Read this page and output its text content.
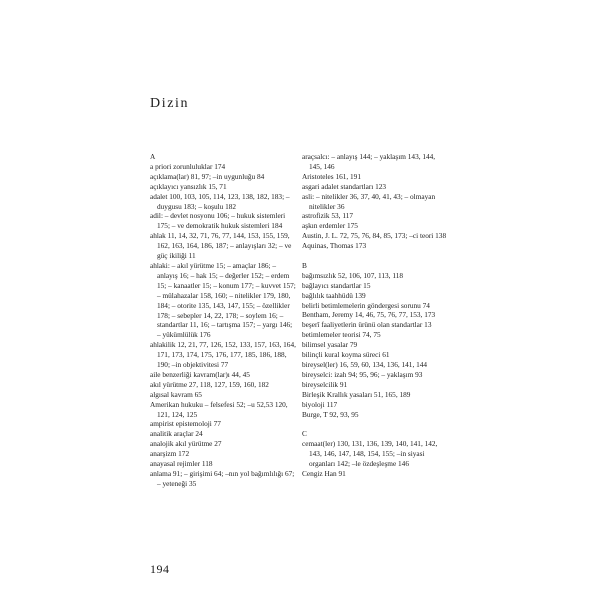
Dizin
A
a priori zorunluluklar 174
açıklama(lar) 81, 97; –in uygunluğu 84
açıklayıcı yansızlık 15, 71
adalet 100, 103, 105, 114, 123, 138, 182, 183; – duygusu 183; – koşulu 182
adil: – devlet nosyonu 106; – hukuk sistemleri 175; – ve demokratik hukuk sistemleri 184
ahlak 11, 14, 32, 71, 76, 77, 144, 153, 155, 159, 162, 163, 164, 186, 187; – anlayışları 32; – ve güç ikiliği 11
ahlaki: – akıl yürütme 15; – amaçlar 186; – anlayış 16; – hak 15; – değerler 152; – erdem 15; – kanaatler 15; – konum 177; – kuvvet 157; – mülahazalar 158, 160; – nitelikler 179, 180, 184; – otorite 135, 143, 147, 155; – özellikler 178; – sebepler 14, 22, 178; – soylem 16; – standartlar 11, 16; – tartışma 157; – yargı 146; – yükümlülük 176
ahlakilik 12, 21, 77, 126, 152, 133, 157, 163, 164, 171, 173, 174, 175, 176, 177, 185, 186, 188, 190; –in objektivitesi 77
aile benzerliği kavram(lar)ı 44, 45
akıl yürütme 27, 118, 127, 159, 160, 182
algısal kavram 65
Amerikan hukuku – felsefesi 52; –u 52,53 120, 121, 124, 125
ampirist epistemoloji 77
analitik araçlar 24
analojik akıl yürütme 27
anarşizm 172
anayasal rejimler 118
anlama 91; – girişimi 64; –nın yol bağımlılığı 67; – yeteneği 35
araçsalcı: – anlayış 144; – yaklaşım 143, 144, 145, 146
Aristoteles 161, 191
asgari adalet standartları 123
asli: – nitelikler 36, 37, 40, 41, 43; – olmayan nitelikler 36
astrofizik 53, 117
aşkın erdemler 175
Austin, J. L. 72, 75, 76, 84, 85, 173; –ci teori 138
Aquinas, Thomas 173
B
bağımsızlık 52, 106, 107, 113, 118
bağlayıcı standartlar 15
bağlılık taahhüdü 139
belirli betimlemelerin göndergesi sorunu 74
Bentham, Jeremy 14, 46, 75, 76, 77, 153, 173
beşerî faaliyetlerin ürünü olan standartlar 13
betimlemeler teorisi 74, 75
bilimsel yasalar 79
bilinçli kural koyma süreci 61
bireysel(ler) 16, 59, 60, 134, 136, 141, 144
bireyselci: izah 94; 95, 96; – yaklaşım 93
bireyselcilik 91
Birleşik Krallık yasaları 51, 165, 189
biyoloji 117
Burge, T 92, 93, 95
C
cemaat(ler) 130, 131, 136, 139, 140, 141, 142, 143, 146, 147, 148, 154, 155; –in siyasi organları 142; –le özdeşleşme 146
Cengiz Han 91
194
